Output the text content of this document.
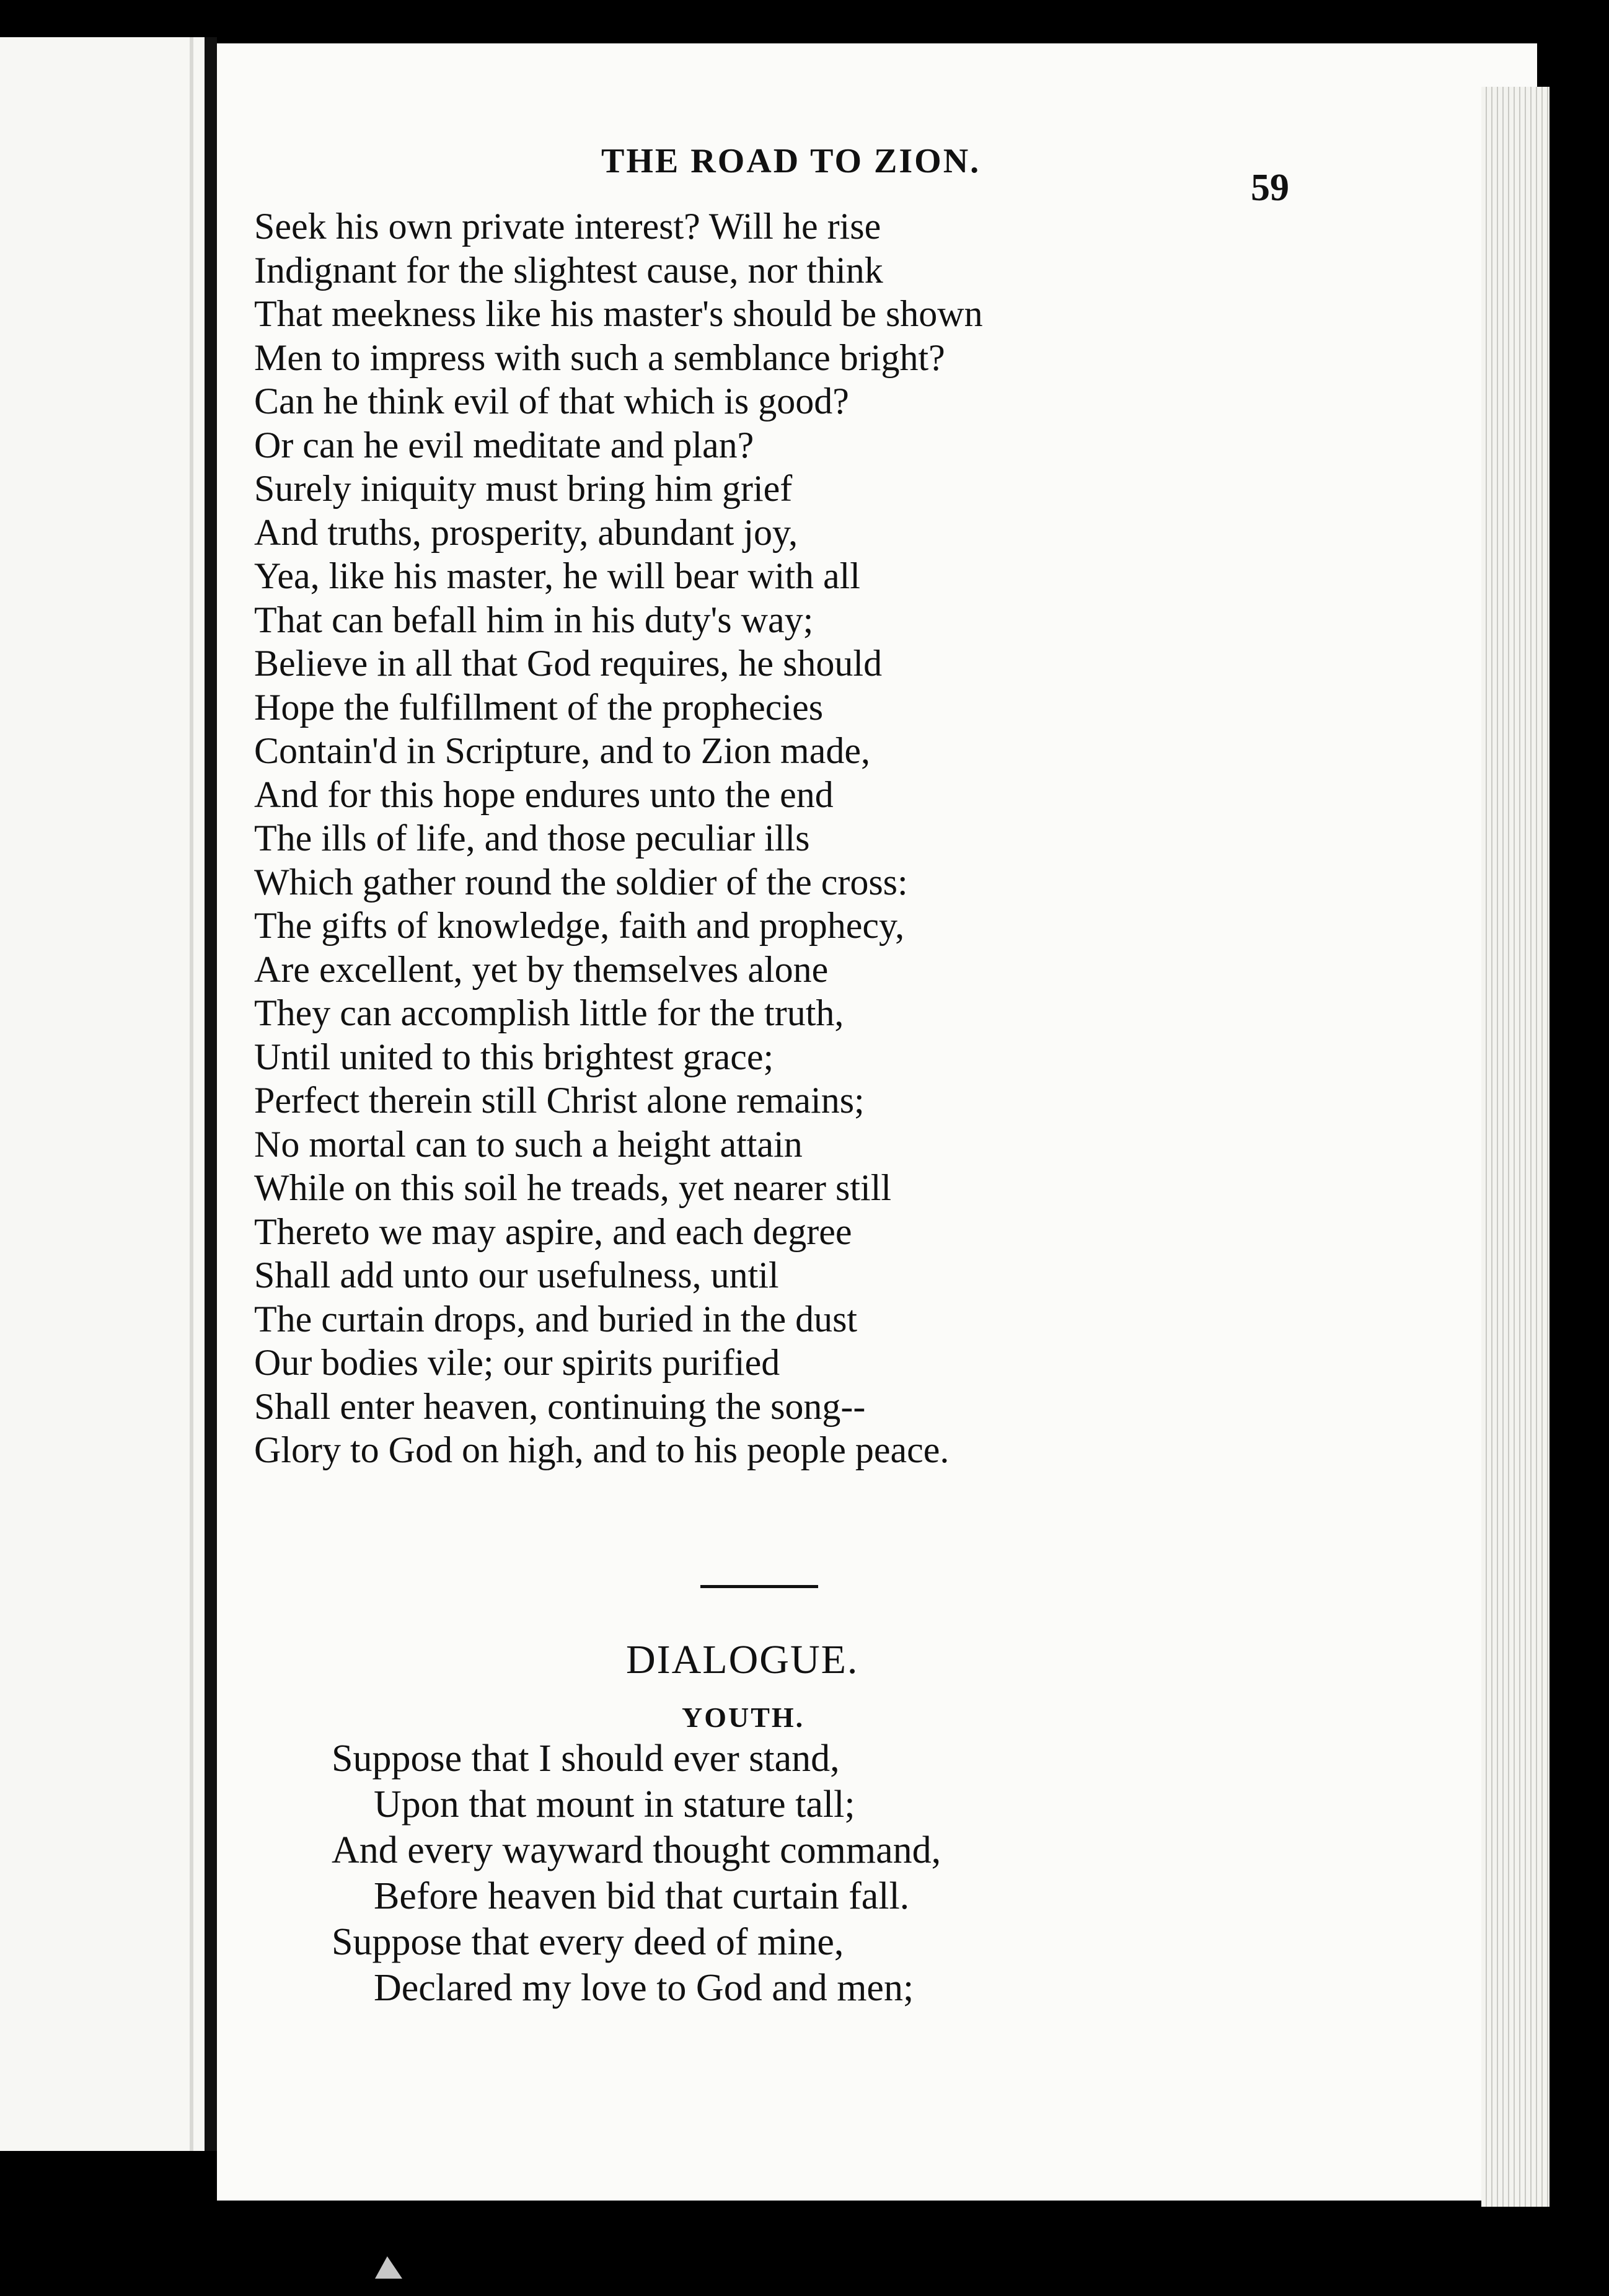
THE ROAD TO ZION.
59
Seek his own private interest? Will he rise
Indignant for the slightest cause, nor think
That meekness like his master's should be shown
Men to impress with such a semblance bright?
Can he think evil of that which is good?
Or can he evil meditate and plan?
Surely iniquity must bring him grief
And truths, prosperity, abundant joy,
Yea, like his master, he will bear with all
That can befall him in his duty's way;
Believe in all that God requires, he should
Hope the fulfillment of the prophecies
Contain'd in Scripture, and to Zion made,
And for this hope endures unto the end
The ills of life, and those peculiar ills
Which gather round the soldier of the cross:
The gifts of knowledge, faith and prophecy,
Are excellent, yet by themselves alone
They can accomplish little for the truth,
Until united to this brightest grace;
Perfect therein still Christ alone remains;
No mortal can to such a height attain
While on this soil he treads, yet nearer still
Thereto we may aspire, and each degree
Shall add unto our usefulness, until
The curtain drops, and buried in the dust
Our bodies vile; our spirits purified
Shall enter heaven, continuing the song--
Glory to God on high, and to his people peace.
DIALOGUE.
YOUTH.
Suppose that I should ever stand,
Upon that mount in stature tall;
And every wayward thought command,
Before heaven bid that curtain fall.
Suppose that every deed of mine,
Declared my love to God and men;
